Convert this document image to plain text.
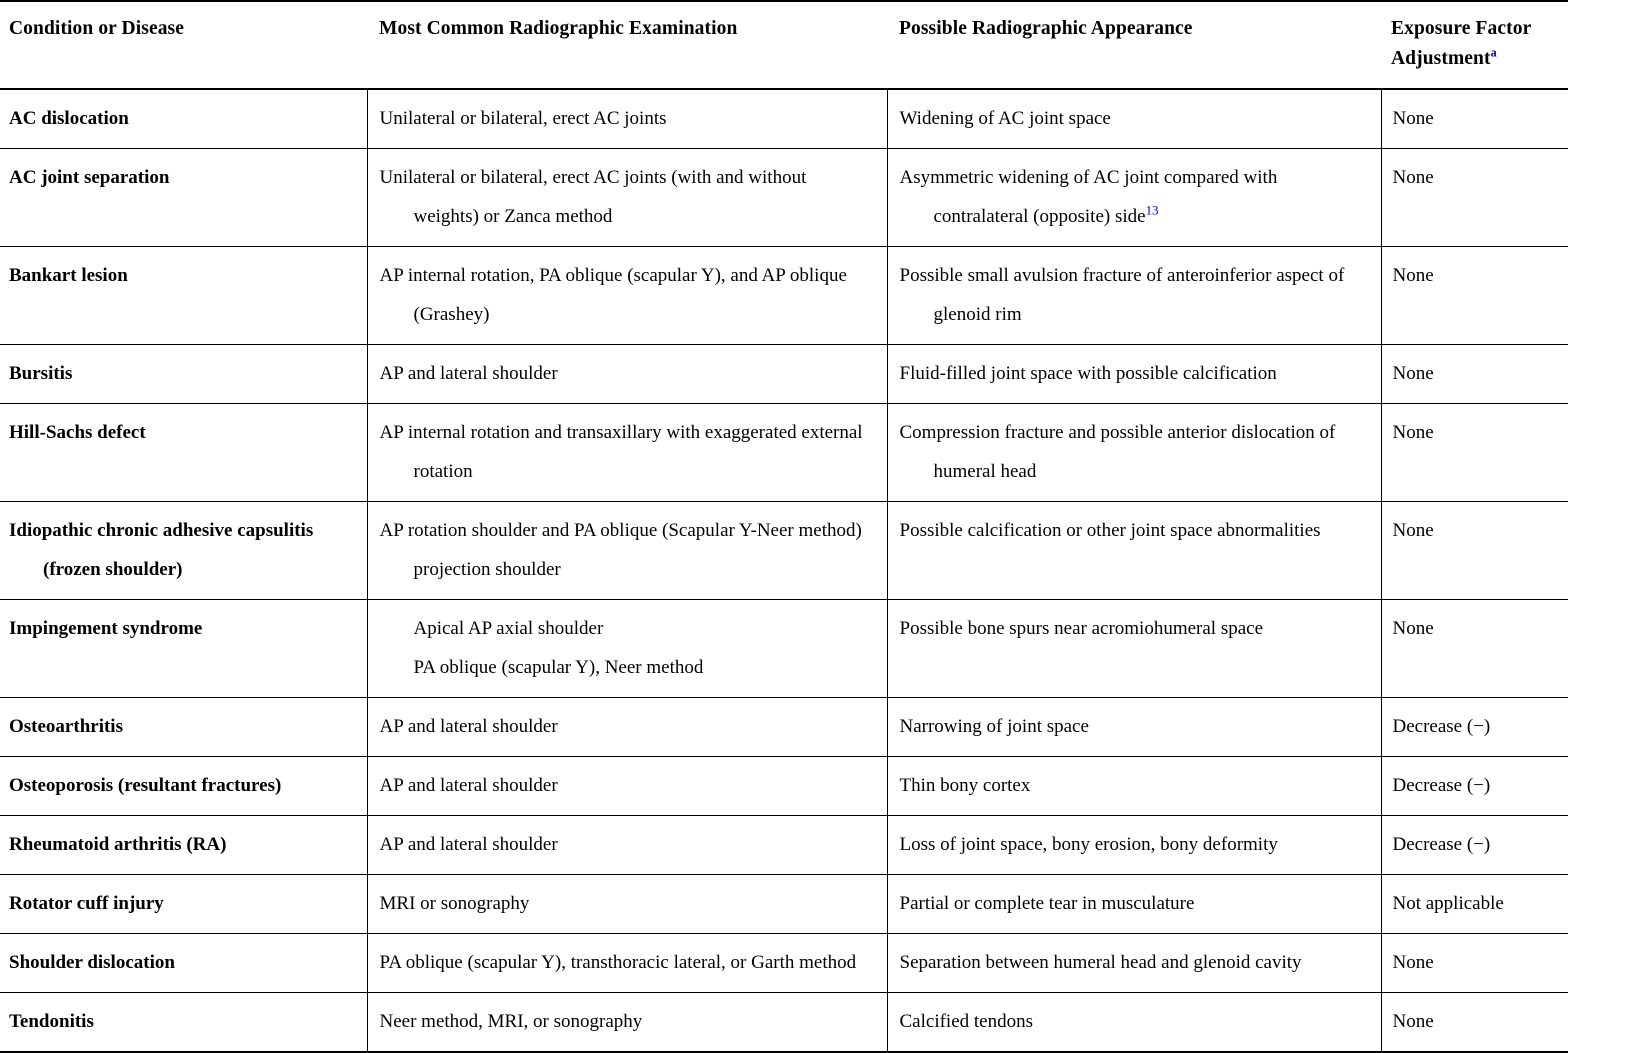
Condition or Disease	Most Common Radiographic Examination	Possible Radiographic Appearance	Exposure Factor
Adjustment$^a$

AC dislocation	Unilateral or bilateral, erect AC joints	Widening of AC joint space	None

AC joint separation	Unilateral or bilateral, erect AC joints (with and without weights) or Zanca method	Asymmetric widening of AC joint compared with contralateral (opposite) side$^{13}$	None

Bankart lesion	AP internal rotation, PA oblique (scapular Y), and AP oblique (Grashey)	Possible small avulsion fracture of anteroinferior aspect of glenoid rim	None

Bursitis	AP and lateral shoulder	Fluid-filled joint space with possible calcification	None

Hill-Sachs defect	AP internal rotation and transaxillary with exaggerated external rotation	Compression fracture and possible anterior dislocation of humeral head	None

Idiopathic chronic adhesive capsulitis (frozen shoulder)	AP rotation shoulder and PA oblique (Scapular Y-Neer method) projection shoulder	Possible calcification or other joint space abnormalities	None

Impingement syndrome	Apical AP axial shoulder
PA oblique (scapular Y), Neer method	Possible bone spurs near acromiohumeral space	None

Osteoarthritis	AP and lateral shoulder	Narrowing of joint space	Decrease (−)

Osteoporosis (resultant fractures)	AP and lateral shoulder	Thin bony cortex	Decrease (−)

Rheumatoid arthritis (RA)	AP and lateral shoulder	Loss of joint space, bony erosion, bony deformity	Decrease (−)

Rotator cuff injury	MRI or sonography	Partial or complete tear in musculature	Not applicable

Shoulder dislocation	PA oblique (scapular Y), transthoracic lateral, or Garth method	Separation between humeral head and glenoid cavity	None

Tendonitis	Neer method, MRI, or sonography	Calcified tendons	None
